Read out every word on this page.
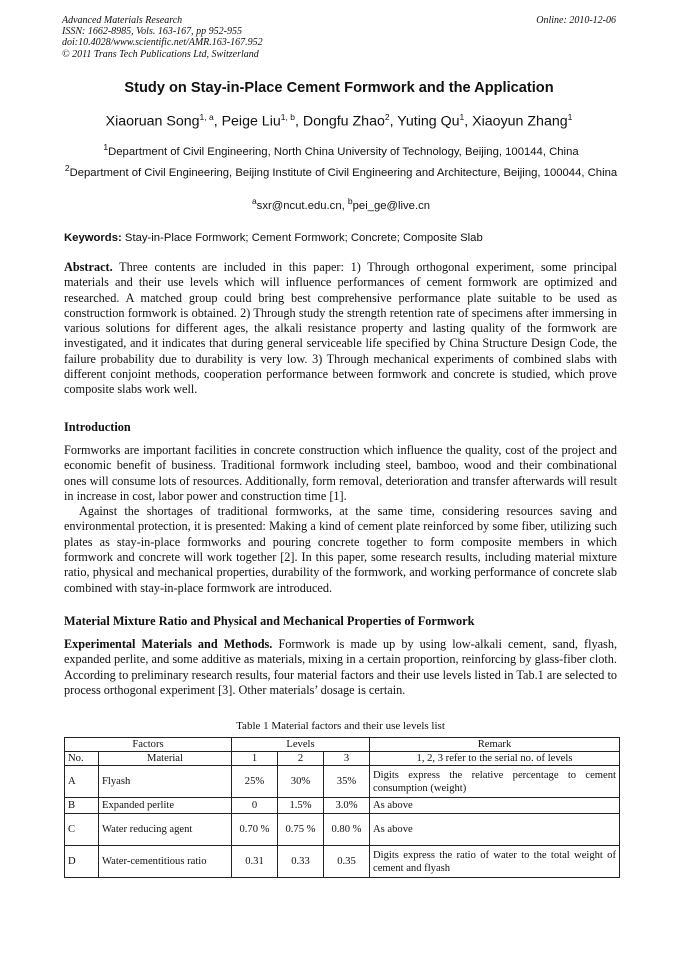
Advanced Materials Research
ISSN: 1662-8985, Vols. 163-167, pp 952-955
doi:10.4028/www.scientific.net/AMR.163-167.952
© 2011 Trans Tech Publications Ltd, Switzerland
Online: 2010-12-06
Study on Stay-in-Place Cement Formwork and the Application
Xiaoruan Song$^{1, a}$, Peige Liu$^{1, b}$, Dongfu Zhao$^2$, Yuting Qu$^1$, Xiaoyun Zhang$^1$
$^1$Department of Civil Engineering, North China University of Technology, Beijing, 100144, China
$^2$Department of Civil Engineering, Beijing Institute of Civil Engineering and Architecture, Beijing, 100044, China
$^a$sxr@ncut.edu.cn, $^b$pei_ge@live.cn
Keywords: Stay-in-Place Formwork; Cement Formwork; Concrete; Composite Slab

Abstract. Three contents are included in this paper: 1) Through orthogonal experiment, some principal materials and their use levels which will influence performances of cement formwork are optimized and researched. A matched group could bring best comprehensive performance plate suitable to be used as construction formwork is obtained. 2) Through study the strength retention rate of specimens after immersing in various solutions for different ages, the alkali resistance property and lasting quality of the formwork are investigated, and it indicates that during general serviceable life specified by China Structure Design Code, the failure probability due to durability is very low. 3) Through mechanical experiments of combined slabs with different conjoint methods, cooperation performance between formwork and concrete is studied, which prove composite slabs work well.

Introduction

Formworks are important facilities in concrete construction which influence the quality, cost of the project and economic benefit of business. Traditional formwork including steel, bamboo, wood and their combinational ones will consume lots of resources. Additionally, form removal, deterioration and transfer afterwards will result in increase in cost, labor power and construction time [1].

Against the shortages of traditional formworks, at the same time, considering resources saving and environmental protection, it is presented: Making a kind of cement plate reinforced by some fiber, utilizing such plates as stay-in-place formworks and pouring concrete together to form composite members in which formwork and concrete will work together [2]. In this paper, some research results, including material mixture ratio, physical and mechanical properties, durability of the formwork, and working performance of concrete slab combined with stay-in-place formwork are introduced.

Material Mixture Ratio and Physical and Mechanical Properties of Formwork

Experimental Materials and Methods. Formwork is made up by using low-alkali cement, sand, flyash, expanded perlite, and some additive as materials, mixing in a certain proportion, reinforcing by glass-fiber cloth. According to preliminary research results, four material factors and their use levels listed in Tab.1 are selected to process orthogonal experiment [3]. Other materials’ dosage is certain.

Table 1 Material factors and their use levels list
Factors		Levels			Remark
No.	Material	1	2	3	1, 2, 3 refer to the serial no. of levels
A	Flyash	25%	30%	35%	Digits express the relative percentage to cement consumption (weight)
B	Expanded perlite	0	1.5%	3.0%	As above
C	Water reducing agent	0.70 %	0.75 %	0.80 %	As above
D	Water-cementitious ratio	0.31	0.33	0.35	Digits express the ratio of water to the total weight of cement and flyash
